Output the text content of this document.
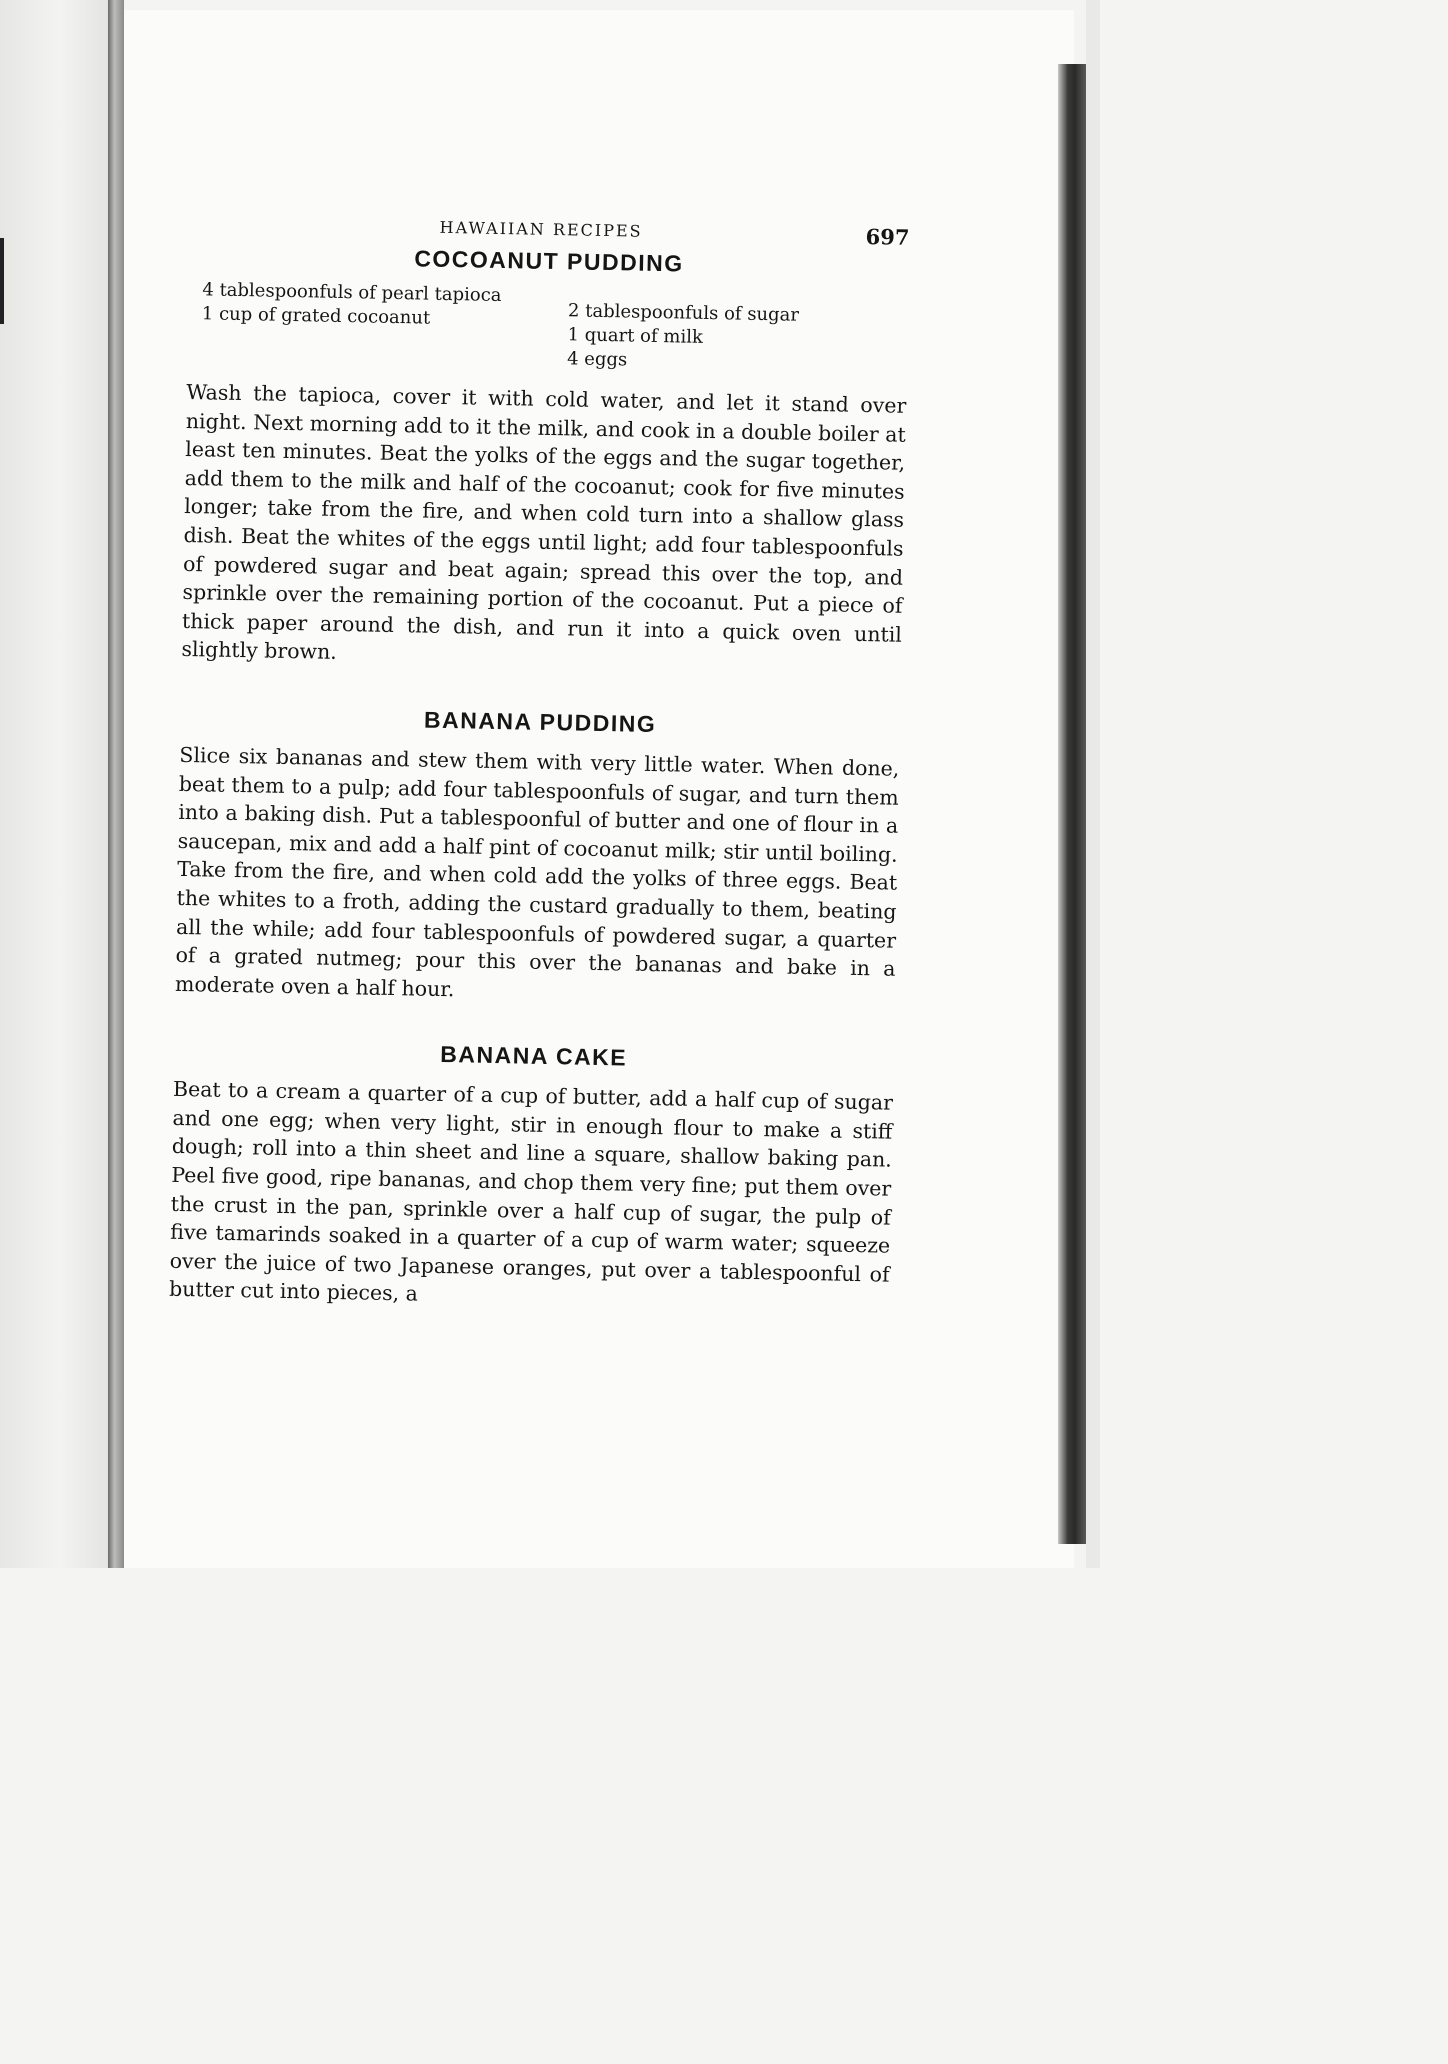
HAWAIIAN RECIPES	697
COCOANUT PUDDING
4 tablespoonfuls of pearl tapioca
1 cup of grated cocoanut	2 tablespoonfuls of sugar
1 quart of milk
4 eggs

Wash the tapioca, cover it with cold water, and let it stand over night. Next morning add to it the milk, and cook in a double boiler at least ten minutes. Beat the yolks of the eggs and the sugar together, add them to the milk and half of the cocoanut; cook for five minutes longer; take from the fire, and when cold turn into a shallow glass dish. Beat the whites of the eggs until light; add four tablespoonfuls of powdered sugar and beat again; spread this over the top, and sprinkle over the remaining portion of the cocoanut. Put a piece of thick paper around the dish, and run it into a quick oven until slightly brown.

BANANA PUDDING

Slice six bananas and stew them with very little water. When done, beat them to a pulp; add four tablespoonfuls of sugar, and turn them into a baking dish. Put a tablespoonful of butter and one of flour in a saucepan, mix and add a half pint of cocoanut milk; stir until boiling. Take from the fire, and when cold add the yolks of three eggs. Beat the whites to a froth, adding the custard gradually to them, beating all the while; add four tablespoonfuls of powdered sugar, a quarter of a grated nutmeg; pour this over the bananas and bake in a moderate oven a half hour.

BANANA CAKE

Beat to a cream a quarter of a cup of butter, add a half cup of sugar and one egg; when very light, stir in enough flour to make a stiff dough; roll into a thin sheet and line a square, shallow baking pan. Peel five good, ripe bananas, and chop them very fine; put them over the crust in the pan, sprinkle over a half cup of sugar, the pulp of five tamarinds soaked in a quarter of a cup of warm water; squeeze over the juice of two Japanese oranges, put over a tablespoonful of butter cut into pieces, a
